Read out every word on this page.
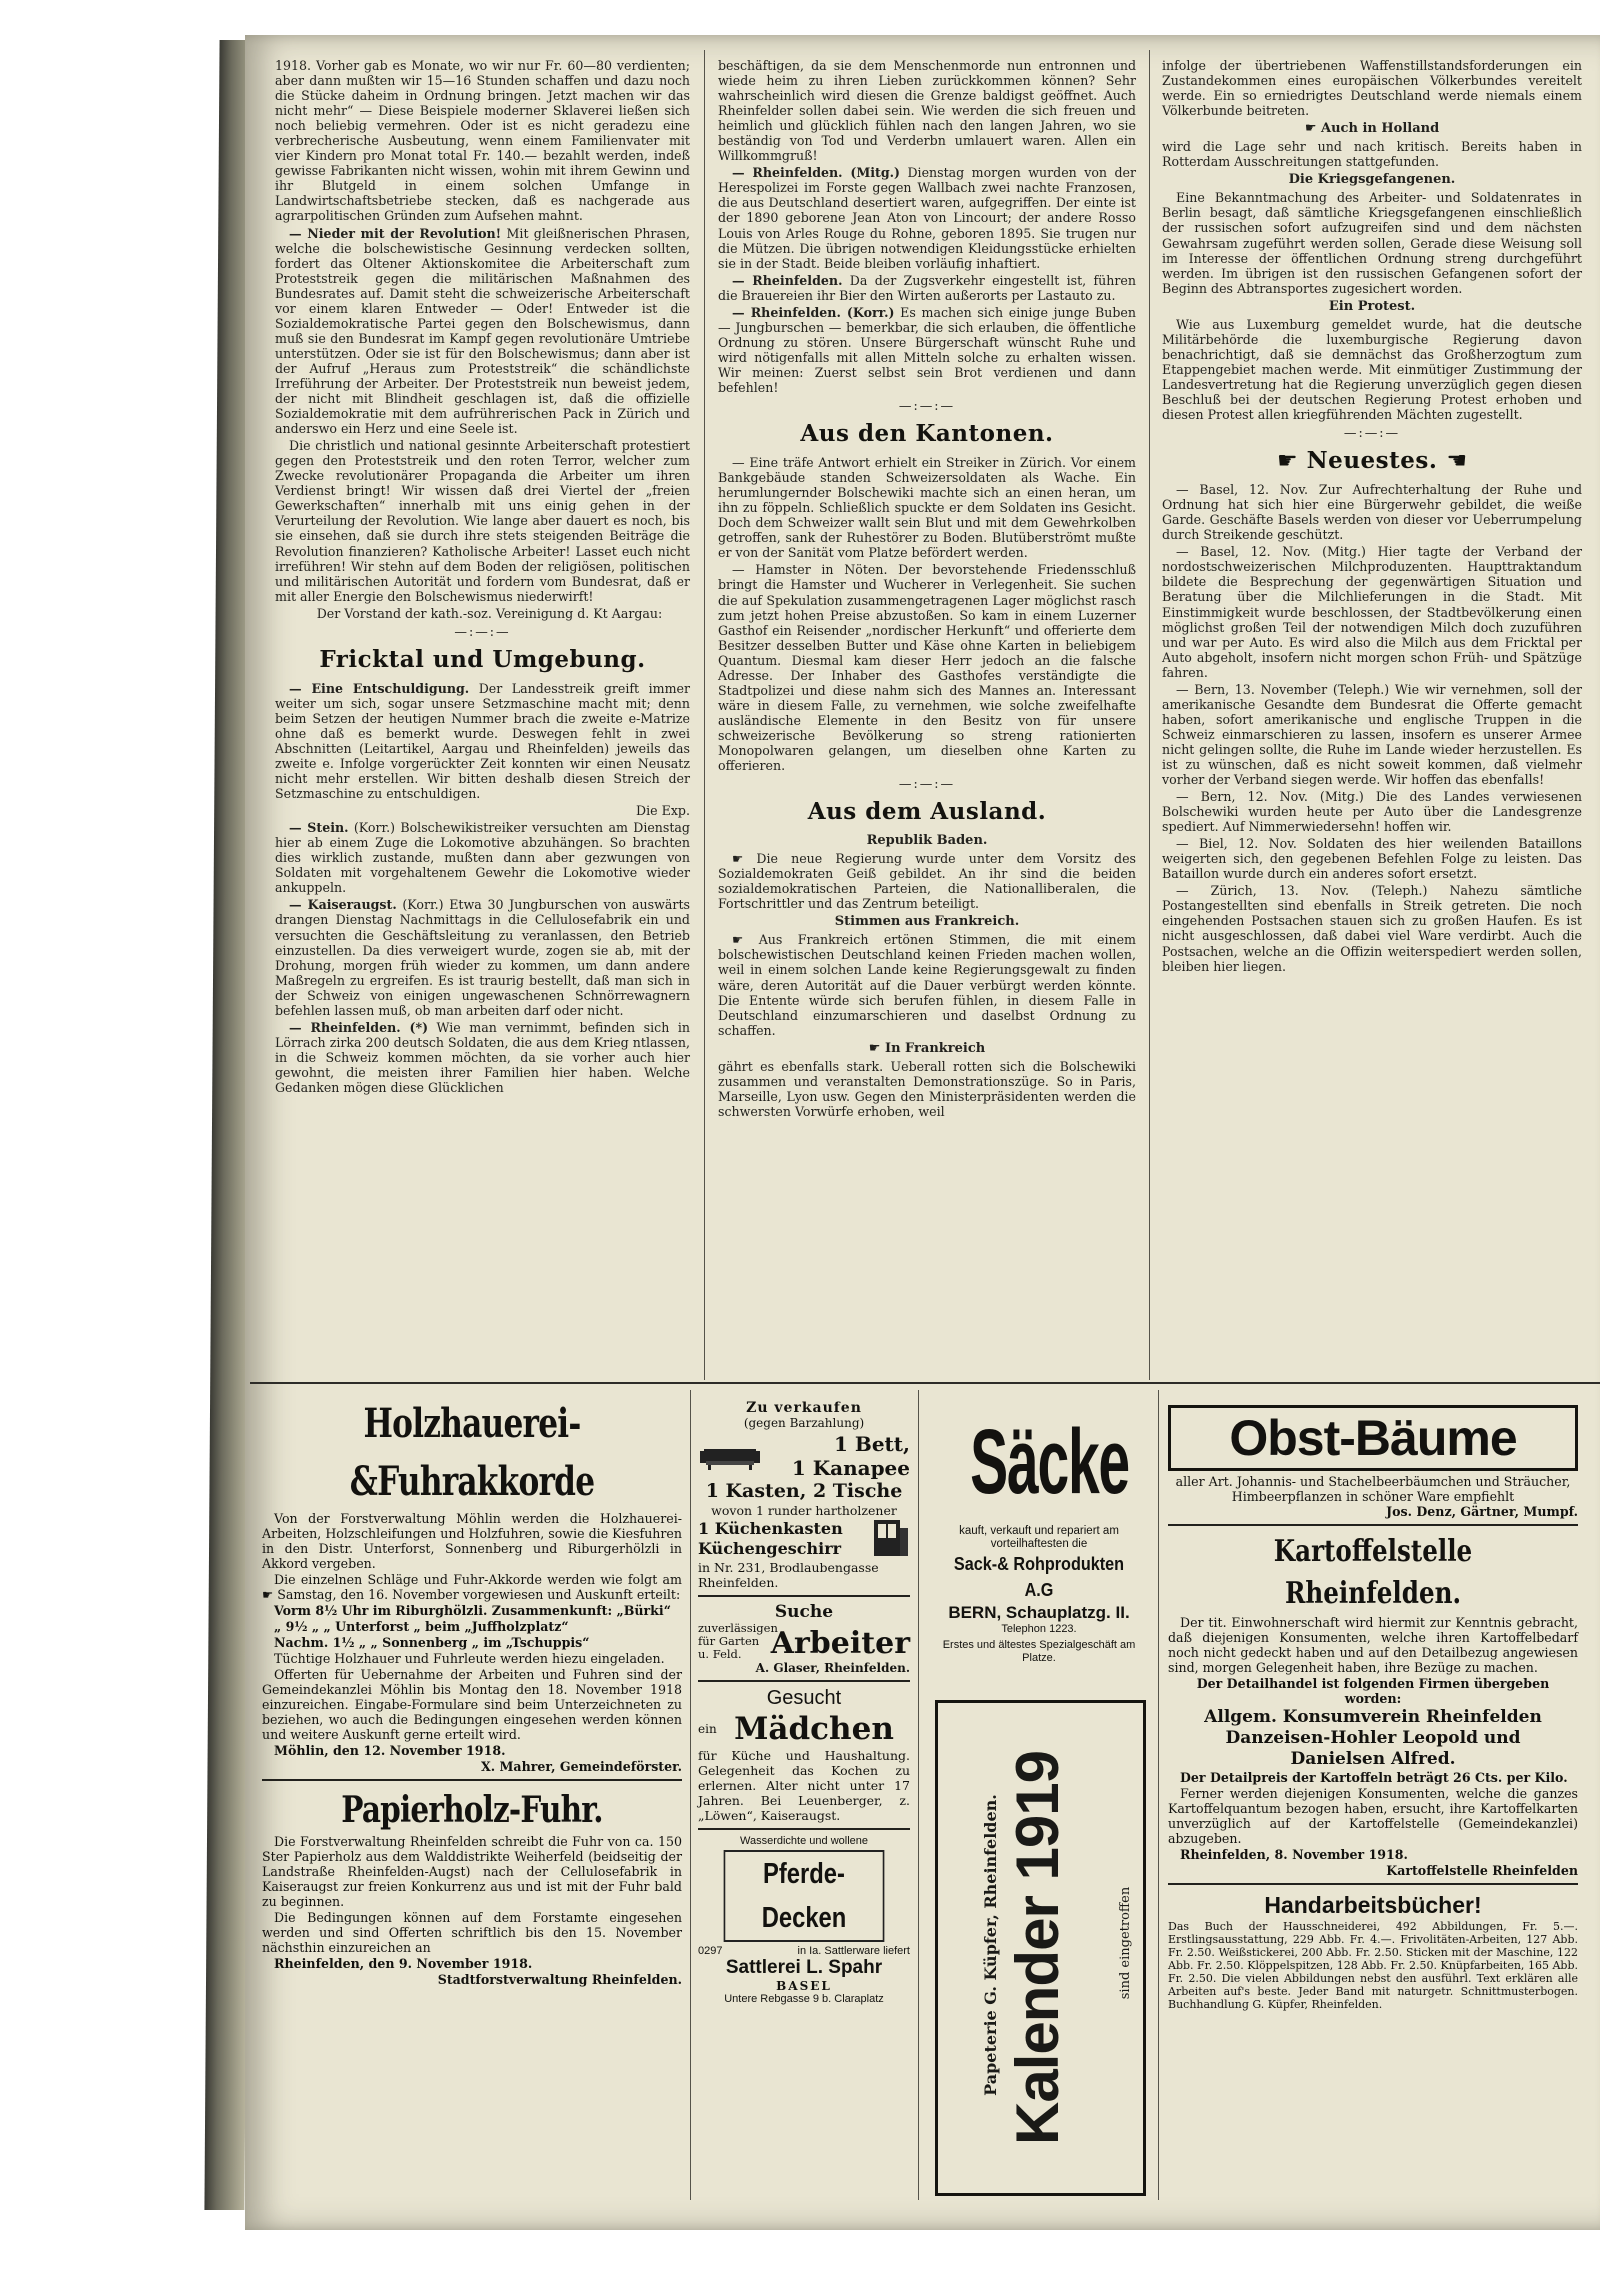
1918. Vorher gab es Monate, wo wir nur Fr. 60—80 verdienten; aber dann mußten wir 15—16 Stunden schaffen und dazu noch die Stücke daheim in Ordnung bringen. Jetzt machen wir das nicht mehr“ — Diese Beispiele moderner Sklaverei ließen sich noch beliebig vermehren. Oder ist es nicht geradezu eine verbrecherische Ausbeutung, wenn einem Familienvater mit vier Kindern pro Monat total Fr. 140.— bezahlt werden, indeß gewisse Fabrikanten nicht wissen, wohin mit ihrem Gewinn und ihr Blutgeld in einem solchen Umfange in Landwirtschaftsbetriebe stecken, daß es nachgerade aus agrarpolitischen Gründen zum Aufsehen mahnt.

— Nieder mit der Revolution! Mit gleißnerischen Phrasen, welche die bolschewistische Gesinnung verdecken sollten, fordert das Oltener Aktionskomitee die Arbeiterschaft zum Proteststreik gegen die militärischen Maßnahmen des Bundesrates auf. Damit steht die schweizerische Arbeiterschaft vor einem klaren Entweder — Oder! Entweder ist die Sozialdemokratische Partei gegen den Bolschewismus, dann muß sie den Bundesrat im Kampf gegen revolutionäre Umtriebe unterstützen. Oder sie ist für den Bolschewismus; dann aber ist der Aufruf „Heraus zum Proteststreik“ die schändlichste Irreführung der Arbeiter. Der Proteststreik nun beweist jedem, der nicht mit Blindheit geschlagen ist, daß die offizielle Sozialdemokratie mit dem aufrührerischen Pack in Zürich und anderswo ein Herz und eine Seele ist.

Die christlich und national gesinnte Arbeiterschaft protestiert gegen den Proteststreik und den roten Terror, welcher zum Zwecke revolutionärer Propaganda die Arbeiter um ihren Verdienst bringt! Wir wissen daß drei Viertel der „freien Gewerkschaften“ innerhalb mit uns einig gehen in der Verurteilung der Revolution. Wie lange aber dauert es noch, bis sie einsehen, daß sie durch ihre stets steigenden Beiträge die Revolution finanzieren? Katholische Arbeiter! Lasset euch nicht irreführen! Wir stehn auf dem Boden der religiösen, politischen und militärischen Autorität und fordern vom Bundesrat, daß er mit aller Energie den Bolschewismus niederwirft!

Der Vorstand der kath.-soz. Vereinigung d. Kt Aargau:

—:—:—
Fricktal und Umgebung.

— Eine Entschuldigung. Der Landesstreik greift immer weiter um sich, sogar unsere Setzmaschine macht mit; denn beim Setzen der heutigen Nummer brach die zweite e-Matrize ohne daß es bemerkt wurde. Deswegen fehlt in zwei Abschnitten (Leitartikel, Aargau und Rheinfelden) jeweils das zweite e. Infolge vorgerückter Zeit konnten wir einen Neusatz nicht mehr erstellen. Wir bitten deshalb diesen Streich der Setzmaschine zu entschuldigen.

Die Exp.

— Stein. (Korr.) Bolschewikistreiker versuchten am Dienstag hier ab einem Zuge die Lokomotive abzuhängen. So brachten dies wirklich zustande, mußten dann aber gezwungen von Soldaten mit vorgehaltenem Gewehr die Lokomotive wieder ankuppeln.

— Kaiseraugst. (Korr.) Etwa 30 Jungburschen von auswärts drangen Dienstag Nachmittags in die Cellulosefabrik ein und versuchten die Geschäftsleitung zu veranlassen, den Betrieb einzustellen. Da dies verweigert wurde, zogen sie ab, mit der Drohung, morgen früh wieder zu kommen, um dann andere Maßregeln zu ergreifen. Es ist traurig bestellt, daß man sich in der Schweiz von einigen ungewaschenen Schnörrewagnern befehlen lassen muß, ob man arbeiten darf oder nicht.

— Rheinfelden. (*) Wie man vernimmt, befinden sich in Lörrach zirka 200 deutsch Soldaten, die aus dem Krieg ntlassen, in die Schweiz kommen möchten, da sie vorher auch hier gewohnt, die meisten ihrer Familien hier haben. Welche Gedanken mögen diese Glücklichen

beschäftigen, da sie dem Menschenmorde nun entronnen und wiede heim zu ihren Lieben zurückkommen können? Sehr wahrscheinlich wird diesen die Grenze baldigst geöffnet. Auch Rheinfelder sollen dabei sein. Wie werden die sich freuen und heimlich und glücklich fühlen nach den langen Jahren, wo sie beständig von Tod und Verderbn umlauert waren. Allen ein Willkommgruß!

— Rheinfelden. (Mitg.) Dienstag morgen wurden von der Herespolizei im Forste gegen Wallbach zwei nachte Franzosen, die aus Deutschland desertiert waren, aufgegriffen. Der einte ist der 1890 geborene Jean Aton von Lincourt; der andere Rosso Louis von Arles Rouge du Rohne, geboren 1895. Sie trugen nur die Mützen. Die übrigen notwendigen Kleidungsstücke erhielten sie in der Stadt. Beide bleiben vorläufig inhaftiert.

— Rheinfelden. Da der Zugsverkehr eingestellt ist, führen die Brauereien ihr Bier den Wirten außerorts per Lastauto zu.

— Rheinfelden. (Korr.) Es machen sich einige junge Buben — Jungburschen — bemerkbar, die sich erlauben, die öffentliche Ordnung zu stören. Unsere Bürgerschaft wünscht Ruhe und wird nötigenfalls mit allen Mitteln solche zu erhalten wissen. Wir meinen: Zuerst selbst sein Brot verdienen und dann befehlen!

—:—:—
Aus den Kantonen.

— Eine träfe Antwort erhielt ein Streiker in Zürich. Vor einem Bankgebäude standen Schweizersoldaten als Wache. Ein herumlungernder Bolschewiki machte sich an einen heran, um ihn zu föppeln. Schließlich spuckte er dem Soldaten ins Gesicht. Doch dem Schweizer wallt sein Blut und mit dem Gewehrkolben getroffen, sank der Ruhestörer zu Boden. Blutüberströmt mußte er von der Sanität vom Platze befördert werden.

— Hamster in Nöten. Der bevorstehende Friedensschluß bringt die Hamster und Wucherer in Verlegenheit. Sie suchen die auf Spekulation zusammengetragenen Lager möglichst rasch zum jetzt hohen Preise abzustoßen. So kam in einem Luzerner Gasthof ein Reisender „nordischer Herkunft“ und offerierte dem Besitzer desselben Butter und Käse ohne Karten in beliebigem Quantum. Diesmal kam dieser Herr jedoch an die falsche Adresse. Der Inhaber des Gasthofes verständigte die Stadtpolizei und diese nahm sich des Mannes an. Interessant wäre in diesem Falle, zu vernehmen, wie solche zweifelhafte ausländische Elemente in den Besitz von für unsere schweizerische Bevölkerung so streng rationierten Monopolwaren gelangen, um dieselben ohne Karten zu offerieren.

—:—:—
Aus dem Ausland.
Republik Baden.

☛ Die neue Regierung wurde unter dem Vorsitz des Sozialdemokraten Geiß gebildet. An ihr sind die beiden sozialdemokratischen Parteien, die Nationalliberalen, die Fortschrittler und das Zentrum beteiligt.

Stimmen aus Frankreich.

☛ Aus Frankreich ertönen Stimmen, die mit einem bolschewistischen Deutschland keinen Frieden machen wollen, weil in einem solchen Lande keine Regierungsgewalt zu finden wäre, deren Autorität auf die Dauer verbürgt werden könnte. Die Entente würde sich berufen fühlen, in diesem Falle in Deutschland einzumarschieren und daselbst Ordnung zu schaffen.

☛ In Frankreich

gährt es ebenfalls stark. Ueberall rotten sich die Bolschewiki zusammen und veranstalten Demonstrationszüge. So in Paris, Marseille, Lyon usw. Gegen den Ministerpräsidenten werden die schwersten Vorwürfe erhoben, weil

infolge der übertriebenen Waffenstillstandsforderungen ein Zustandekommen eines europäischen Völkerbundes vereitelt werde. Ein so erniedrigtes Deutschland werde niemals einem Völkerbunde beitreten.

☛ Auch in Holland

wird die Lage sehr und nach kritisch. Bereits haben in Rotterdam Ausschreitungen stattgefunden.

Die Kriegsgefangenen.

Eine Bekanntmachung des Arbeiter- und Soldatenrates in Berlin besagt, daß sämtliche Kriegsgefangenen einschließlich der russischen sofort aufzugreifen sind und dem nächsten Gewahrsam zugeführt werden sollen, Gerade diese Weisung soll im Interesse der öffentlichen Ordnung streng durchgeführt werden. Im übrigen ist den russischen Gefangenen sofort der Beginn des Abtransportes zugesichert worden.

Ein Protest.

Wie aus Luxemburg gemeldet wurde, hat die deutsche Militärbehörde die luxemburgische Regierung davon benachrichtigt, daß sie demnächst das Großherzogtum zum Etappengebiet machen werde. Mit einmütiger Zustimmung der Landesvertretung hat die Regierung unverzüglich gegen diesen Beschluß bei der deutschen Regierung Protest erhoben und diesen Protest allen kriegführenden Mächten zugestellt.

—:—:—
☛ Neuestes. ☛

— Basel, 12. Nov. Zur Aufrechterhaltung der Ruhe und Ordnung hat sich hier eine Bürgerwehr gebildet, die weiße Garde. Geschäfte Basels werden von dieser vor Ueberrumpelung durch Streikende geschützt.

— Basel, 12. Nov. (Mitg.) Hier tagte der Verband der nordostschweizerischen Milchproduzenten. Haupttraktandum bildete die Besprechung der gegenwärtigen Situation und Beratung über die Milchlieferungen in die Stadt. Mit Einstimmigkeit wurde beschlossen, der Stadtbevölkerung einen möglichst großen Teil der notwendigen Milch doch zuzuführen und war per Auto. Es wird also die Milch aus dem Fricktal per Auto abgeholt, insofern nicht morgen schon Früh- und Spätzüge fahren.

— Bern, 13. November (Teleph.) Wie wir vernehmen, soll der amerikanische Gesandte dem Bundesrat die Offerte gemacht haben, sofort amerikanische und englische Truppen in die Schweiz einmarschieren zu lassen, insofern es unserer Armee nicht gelingen sollte, die Ruhe im Lande wieder herzustellen. Es ist zu wünschen, daß es nicht soweit kommen, daß vielmehr vorher der Verband siegen werde. Wir hoffen das ebenfalls!

— Bern, 12. Nov. (Mitg.) Die des Landes verwiesenen Bolschewiki wurden heute per Auto über die Landesgrenze spediert. Auf Nimmerwiedersehn! hoffen wir.

— Biel, 12. Nov. Soldaten des hier weilenden Bataillons weigerten sich, den gegebenen Befehlen Folge zu leisten. Das Bataillon wurde durch ein anderes sofort ersetzt.

— Zürich, 13. Nov. (Teleph.) Nahezu sämtliche Postangestellten sind ebenfalls in Streik getreten. Die noch eingehenden Postsachen stauen sich zu großen Haufen. Es ist nicht ausgeschlossen, daß dabei viel Ware verdirbt. Auch die Postsachen, welche an die Offizin weiterspediert werden sollen, bleiben hier liegen.

Holzhauerei-&Fuhrakkorde

Von der Forstverwaltung Möhlin werden die Holzhauerei-Arbeiten, Holzschleifungen und Holzfuhren, sowie die Kiesfuhren in den Distr. Unterforst, Sonnenberg und Riburgerhölzli in Akkord vergeben.

Die einzelnen Schläge und Fuhr-Akkorde werden wie folgt am ☛ Samstag, den 16. November vorgewiesen und Auskunft erteilt:

Vorm 8½ Uhr im Riburghölzli. Zusammenkunft: „Bürki“

„ 9½ „ „ Unterforst „ beim „Juffholzplatz“

Nachm. 1½ „ „ Sonnenberg „ im „Tschuppis“

Tüchtige Holzhauer und Fuhrleute werden hiezu eingeladen.

Offerten für Uebernahme der Arbeiten und Fuhren sind der Gemeindekanzlei Möhlin bis Montag den 18. November 1918 einzureichen. Eingabe-Formulare sind beim Unterzeichneten zu beziehen, wo auch die Bedingungen eingesehen werden können und weitere Auskunft gerne erteilt wird.

Möhlin, den 12. November 1918.

X. Mahrer, Gemeindeförster.

Papierholz-Fuhr.

Die Forstverwaltung Rheinfelden schreibt die Fuhr von ca. 150 Ster Papierholz aus dem Walddistrikte Weiherfeld (beidseitig der Landstraße Rheinfelden-Augst) nach der Cellulosefabrik in Kaiseraugst zur freien Konkurrenz aus und ist mit der Fuhr bald zu beginnen.

Die Bedingungen können auf dem Forstamte eingesehen werden und sind Offerten schriftlich bis den 15. November nächsthin einzureichen an

Rheinfelden, den 9. November 1918.

Stadtforstverwaltung Rheinfelden.

Zu verkaufen
(gegen Barzahlung)
1 Bett,
1 Kanapee
1 Kasten, 2 Tische
wovon 1 runder hartholzener
1 Küchenkasten
Küchengeschirr
in Nr. 231, Brodlaubengasse Rheinfelden.
Suche
zuverlässigen für Garten u. Feld. Arbeiter
A. Glaser, Rheinfelden.
Gesucht
ein Mädchen
für Küche und Haushaltung. Gelegenheit das Kochen zu erlernen. Alter nicht unter 17 Jahren. Bei Leuenberger, z. „Löwen“, Kaiseraugst.
Wasserdichte und wollene
Pferde-Decken
0297	in Ia. Sattlerware liefert
Sattlerei L. Spahr
BASEL
Untere Rebgasse 9 b. Claraplatz
Säcke
kauft, verkauft und repariert am vorteilhaftesten die
Sack-& Rohprodukten A.G
BERN, Schauplatzg. II.
Telephon 1223.
Erstes und ältestes Spezialgeschäft am Platze.
Kalender 1919	sind eingetroffen
Papeterie G. Küpfer, Rheinfelden.
Obst-Bäume
aller Art. Johannis- und Stachelbeerbäumchen und Sträucher, Himbeerpflanzen in schöner Ware empfiehlt
Jos. Denz, Gärtner, Mumpf.
Kartoffelstelle Rheinfelden.

Der tit. Einwohnerschaft wird hiermit zur Kenntnis gebracht, daß diejenigen Konsumenten, welche ihren Kartoffelbedarf noch nicht gedeckt haben und auf den Detailbezug angewiesen sind, morgen Gelegenheit haben, ihre Bezüge zu machen.

Der Detailhandel ist folgenden Firmen übergeben worden:

Allgem. Konsumverein Rheinfelden
Danzeisen-Hohler Leopold und
Danielsen Alfred.

Der Detailpreis der Kartoffeln beträgt 26 Cts. per Kilo.

Ferner werden diejenigen Konsumenten, welche die ganzes Kartoffelquantum bezogen haben, ersucht, ihre Kartoffelkarten unverzüglich auf der Kartoffelstelle (Gemeindekanzlei) abzugeben.

Rheinfelden, 8. November 1918.

Kartoffelstelle Rheinfelden

Handarbeitsbücher!
Das Buch der Hausschneiderei, 492 Abbildungen, Fr. 5.—. Erstlingsausstattung, 229 Abb. Fr. 4.—. Frivolitäten-Arbeiten, 127 Abb. Fr. 2.50. Weißstickerei, 200 Abb. Fr. 2.50. Sticken mit der Maschine, 122 Abb. Fr. 2.50. Klöppelspitzen, 128 Abb. Fr. 2.50. Knüpfarbeiten, 165 Abb. Fr. 2.50. Die vielen Abbildungen nebst den ausführl. Text erklären alle Arbeiten auf's beste. Jeder Band mit naturgetr. Schnittmusterbogen. Buchhandlung G. Küpfer, Rheinfelden.
